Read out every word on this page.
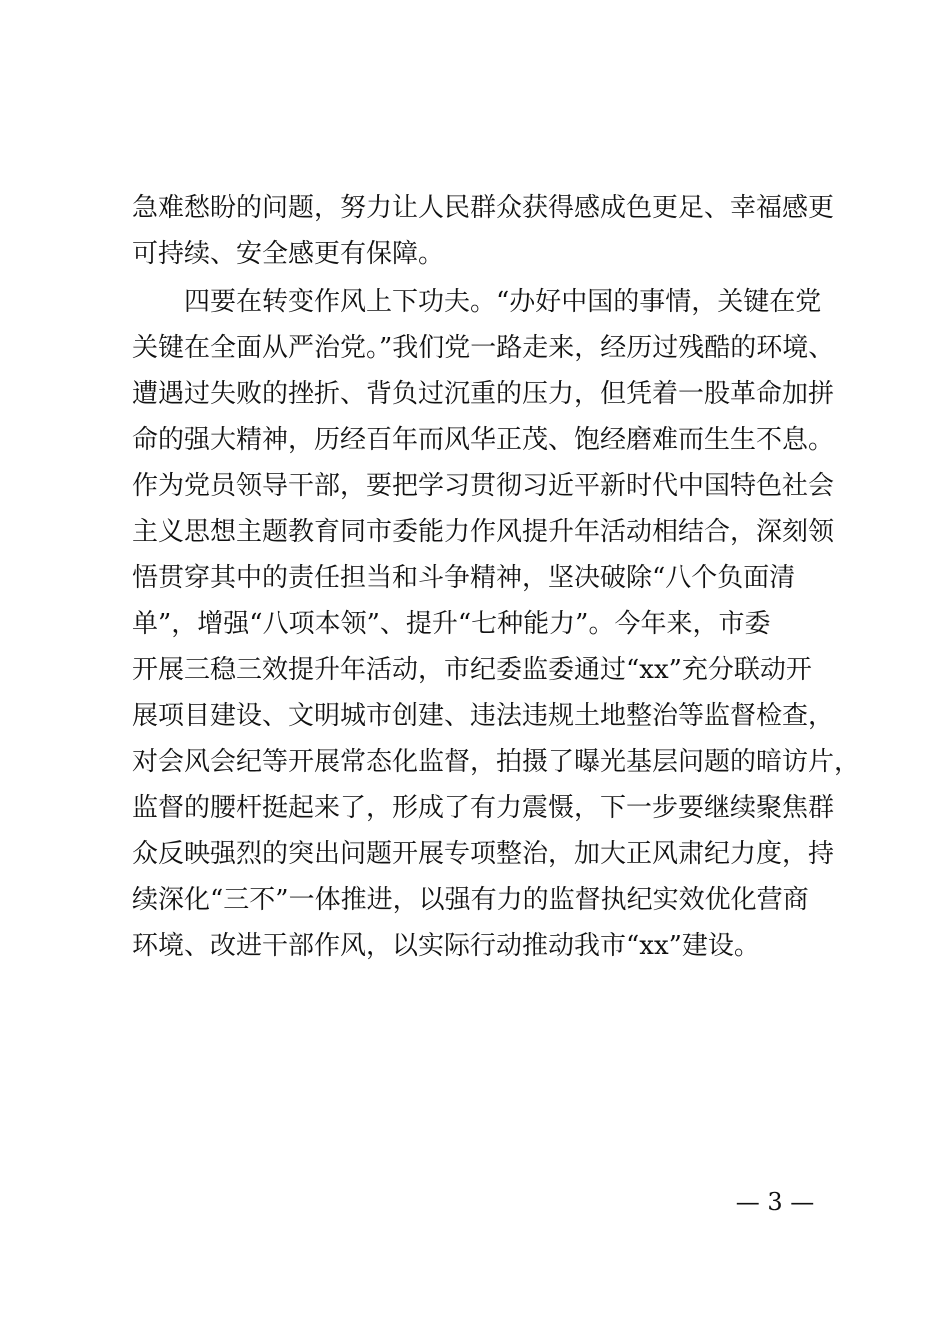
急难愁盼的问题，努力让人民群众获得感成色更足、幸福感更
可持续、安全感更有保障。
四要在转变作风上下功夫。“办好中国的事情，关键在党
关键在全面从严治党。”我们党一路走来，经历过残酷的环境、
遭遇过失败的挫折、背负过沉重的压力，但凭着一股革命加拼
命的强大精神，历经百年而风华正茂、饱经磨难而生生不息。
作为党员领导干部，要把学习贯彻习近平新时代中国特色社会
主义思想主题教育同市委能力作风提升年活动相结合，深刻领
悟贯穿其中的责任担当和斗争精神，坚决破除“八个负面清
单”，增强“八项本领”、提升“七种能力”。今年来，市委
开展三稳三效提升年活动，市纪委监委通过“xx”充分联动开
展项目建设、文明城市创建、违法违规土地整治等监督检查，
对会风会纪等开展常态化监督，拍摄了曝光基层问题的暗访片，
监督的腰杆挺起来了，形成了有力震慑，下一步要继续聚焦群
众反映强烈的突出问题开展专项整治，加大正风肃纪力度，持
续深化“三不”一体推进，以强有力的监督执纪实效优化营商
环境、改进干部作风，以实际行动推动我市“xx”建设。
— 3 —
